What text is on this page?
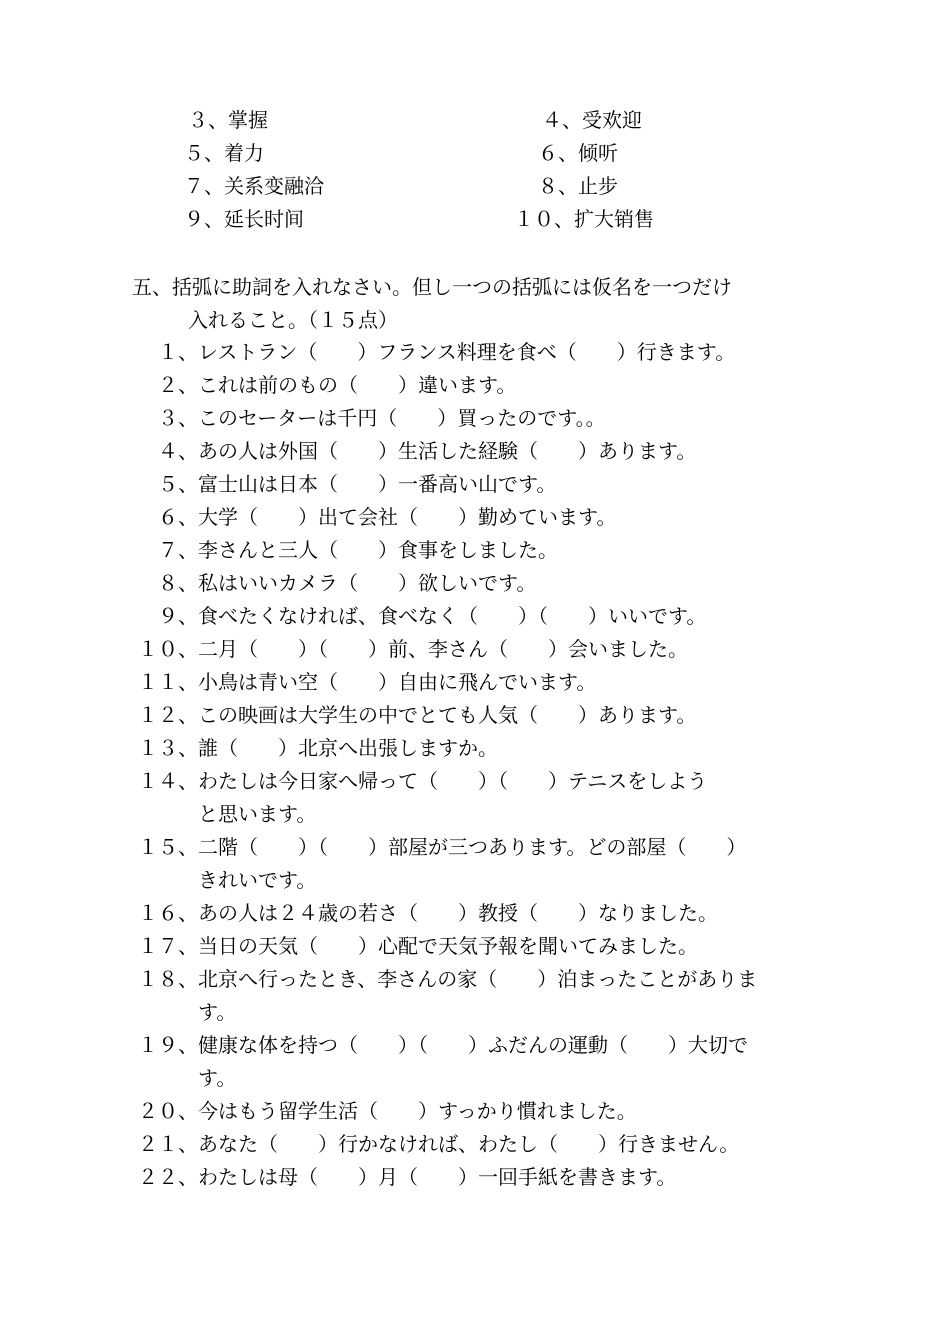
３、掌握	４、受欢迎
５、着力	６、倾听
７、关系变融洽	８、止步
９、延长时间	１０、扩大销售
五、括弧に助詞を入れなさい。但し一つの括弧には仮名を一つだけ
入れること。（１５点）
１、 レストラン（　　）フランス料理を食べ（　　）行きます。
２、 これは前のもの（　　）違います。
３、 このセーターは千円（　　）買ったのです。。
４、 あの人は外国（　　）生活した経験（　　）あります。
５、 富士山は日本（　　）一番高い山です。
６、 大学（　　）出て会社（　　）勤めています。
７、 李さんと三人（　　）食事をしました。
８、 私はいいカメラ（　　）欲しいです。
９、 食べたくなければ、食べなく（　　）（　　）いいです。
１０、 二月（　　）（　　）前、李さん（　　）会いました。
１１、 小鳥は青い空（　　）自由に飛んでいます。
１２、 この映画は大学生の中でとても人気（　　）あります。
１３、 誰（　　）北京へ出張しますか。
１４、 わたしは今日家へ帰って（　　）（　　）テニスをしよう
と思います。
１５、 二階（　　）（　　）部屋が三つあります。どの部屋（　　）
きれいです。
１６、 あの人は２４歳の若さ（　　）教授（　　）なりました。
１７、 当日の天気（　　）心配で天気予報を聞いてみました。
１８、 北京へ行ったとき、李さんの家（　　）泊まったことがありま
す。
１９、 健康な体を持つ（　　）（　　）ふだんの運動（　　）大切で
す。
２０、 今はもう留学生活（　　）すっかり慣れました。
２１、 あなた（　　）行かなければ、わたし（　　）行きません。
２２、 わたしは母（　　）月（　　）一回手紙を書きます。
